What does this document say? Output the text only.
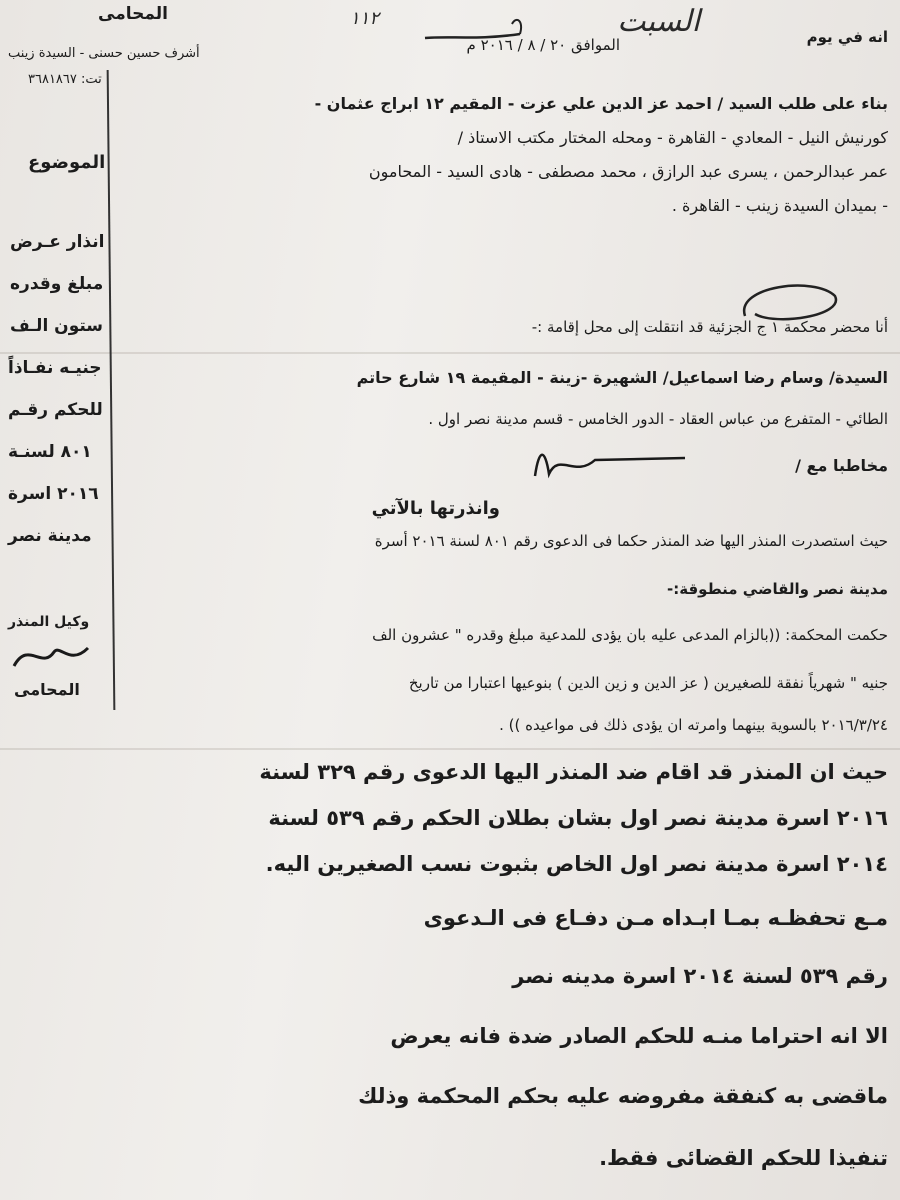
المحامى
أشرف حسين حسنى - السيدة زينب
تت: ٣٦٨١٨٦٧
انه في يوم
الموافق ٢٠ / ٨ / ٢٠١٦ م
السبت
١١٢
بناء على طلب السيد / احمد عز الدين علي عزت - المقيم ١٢ ابراج عثمان -
كورنيش النيل - المعادي - القاهرة - ومحله المختار مكتب الاستاذ /
عمر عبدالرحمن ، يسرى عبد الرازق ، محمد مصطفى - هادى السيد - المحامون
- بميدان السيدة زينب - القاهرة .
الموضوع
انذار عـرض
مبلغ وقدره
ستون الـف
جنيـه نفـاذاً
للحكم رقـم
٨٠١ لسنـة
٢٠١٦ اسرة
مدينة نصر
وكيل المنذر
المحامى
أنا محضر محكمة ١ ج الجزئية قد انتقلت إلى محل إقامة :-
السيدة/ وسام رضا اسماعيل/ الشهيرة -زينة - المقيمة ١٩ شارع حاتم
الطائي - المتفرع من عباس العقاد - الدور الخامس - قسم مدينة نصر اول .
مخاطبا مع /
وانذرتها بالآتي
حيث استصدرت المنذر اليها ضد المنذر حكما فى الدعوى رقم ٨٠١ لسنة ٢٠١٦ أسرة
مدينة نصر والقاضي منطوقة:-
حكمت المحكمة: ((بالزام المدعى عليه بان يؤدى للمدعية مبلغ وقدره " عشرون الف
جنيه " شهرياً نفقة للصغيرين ( عز الدين و زين الدين ) بنوعيها اعتبارا من تاريخ
٢٠١٦/٣/٢٤ بالسوية بينهما وامرته ان يؤدى ذلك فى مواعيده )) .
حيث ان المنذر قد اقام ضد المنذر اليها الدعوى رقم ٣٢٩ لسنة
٢٠١٦ اسرة مدينة نصر اول بشان بطلان الحكم رقم ٥٣٩ لسنة
٢٠١٤ اسرة مدينة نصر اول الخاص بثبوت نسب الصغيرين اليه.
مـع تحفظـه بمـا ابـداه مـن دفـاع فى الـدعوى
رقم ٥٣٩ لسنة ٢٠١٤ اسرة مدينه نصر
الا انه احتراما منـه للحكم الصادر ضدة فانه يعرض
ماقضى به كنفقة مفروضه عليه بحكم المحكمة وذلك
تنفيذا للحكم القضائى فقط.
